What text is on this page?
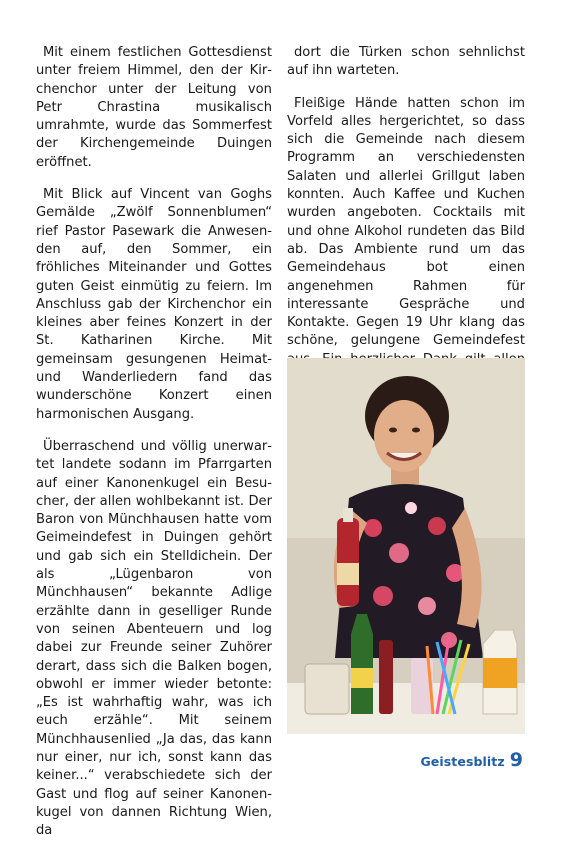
Mit einem festlichen Gottesdienst unter freiem Himmel, den der Kirchenchor unter der Leitung von Petr Chrastina musikalisch umrahmte, wurde das Sommerfest der Kirchengemeinde Duingen eröffnet.

Mit Blick auf Vincent van Goghs Gemälde „Zwölf Sonnenblumen“ rief Pastor Pasewark die Anwesenden auf, den Sommer, ein fröhliches Miteinander und Gottes guten Geist einmütig zu feiern. Im Anschluss gab der Kirchenchor ein kleines aber feines Konzert in der St. Katharinen Kirche. Mit gemeinsam gesungenen Heimat- und Wanderliedern fand das wunderschöne Konzert einen harmonischen Ausgang.

Überraschend und völlig unerwartet landete sodann im Pfarrgarten auf einer Kanonenkugel ein Besucher, der allen wohlbekannt ist. Der Baron von Münchhausen hatte vom Geimeindefest in Duingen gehört und gab sich ein Stelldichein. Der als „Lügenbaron von Münchhausen“ bekannte Adlige erzählte dann in geselliger Runde von seinen Abenteuern und log dabei zur Freunde seiner Zuhörer derart, dass sich die Balken bogen, obwohl er immer wieder betonte: „Es ist wahrhaftig wahr, was ich euch erzähle“. Mit seinem Münchhausenlied „Ja das, das kann nur einer, nur ich, sonst kann das keiner...“ verabschiedete sich der Gast und flog auf seiner Kanonenkugel von dannen Richtung Wien, da

dort die Türken schon sehnlichst auf ihn warteten.

Fleißige Hände hatten schon im Vorfeld alles hergerichtet, so dass sich die Gemeinde nach diesem Programm an verschiedensten Salaten und allerlei Grillgut laben konnten. Auch Kaffee und Kuchen wurden angeboten. Cocktails mit und ohne Alkohol rundeten das Bild ab. Das Ambiente rund um das Gemeindehaus bot einen angenehmen Rahmen für interessante Gespräche und Kontakte. Gegen 19 Uhr klang das schöne, gelungene Gemeindefest

Geistesblitz 9
